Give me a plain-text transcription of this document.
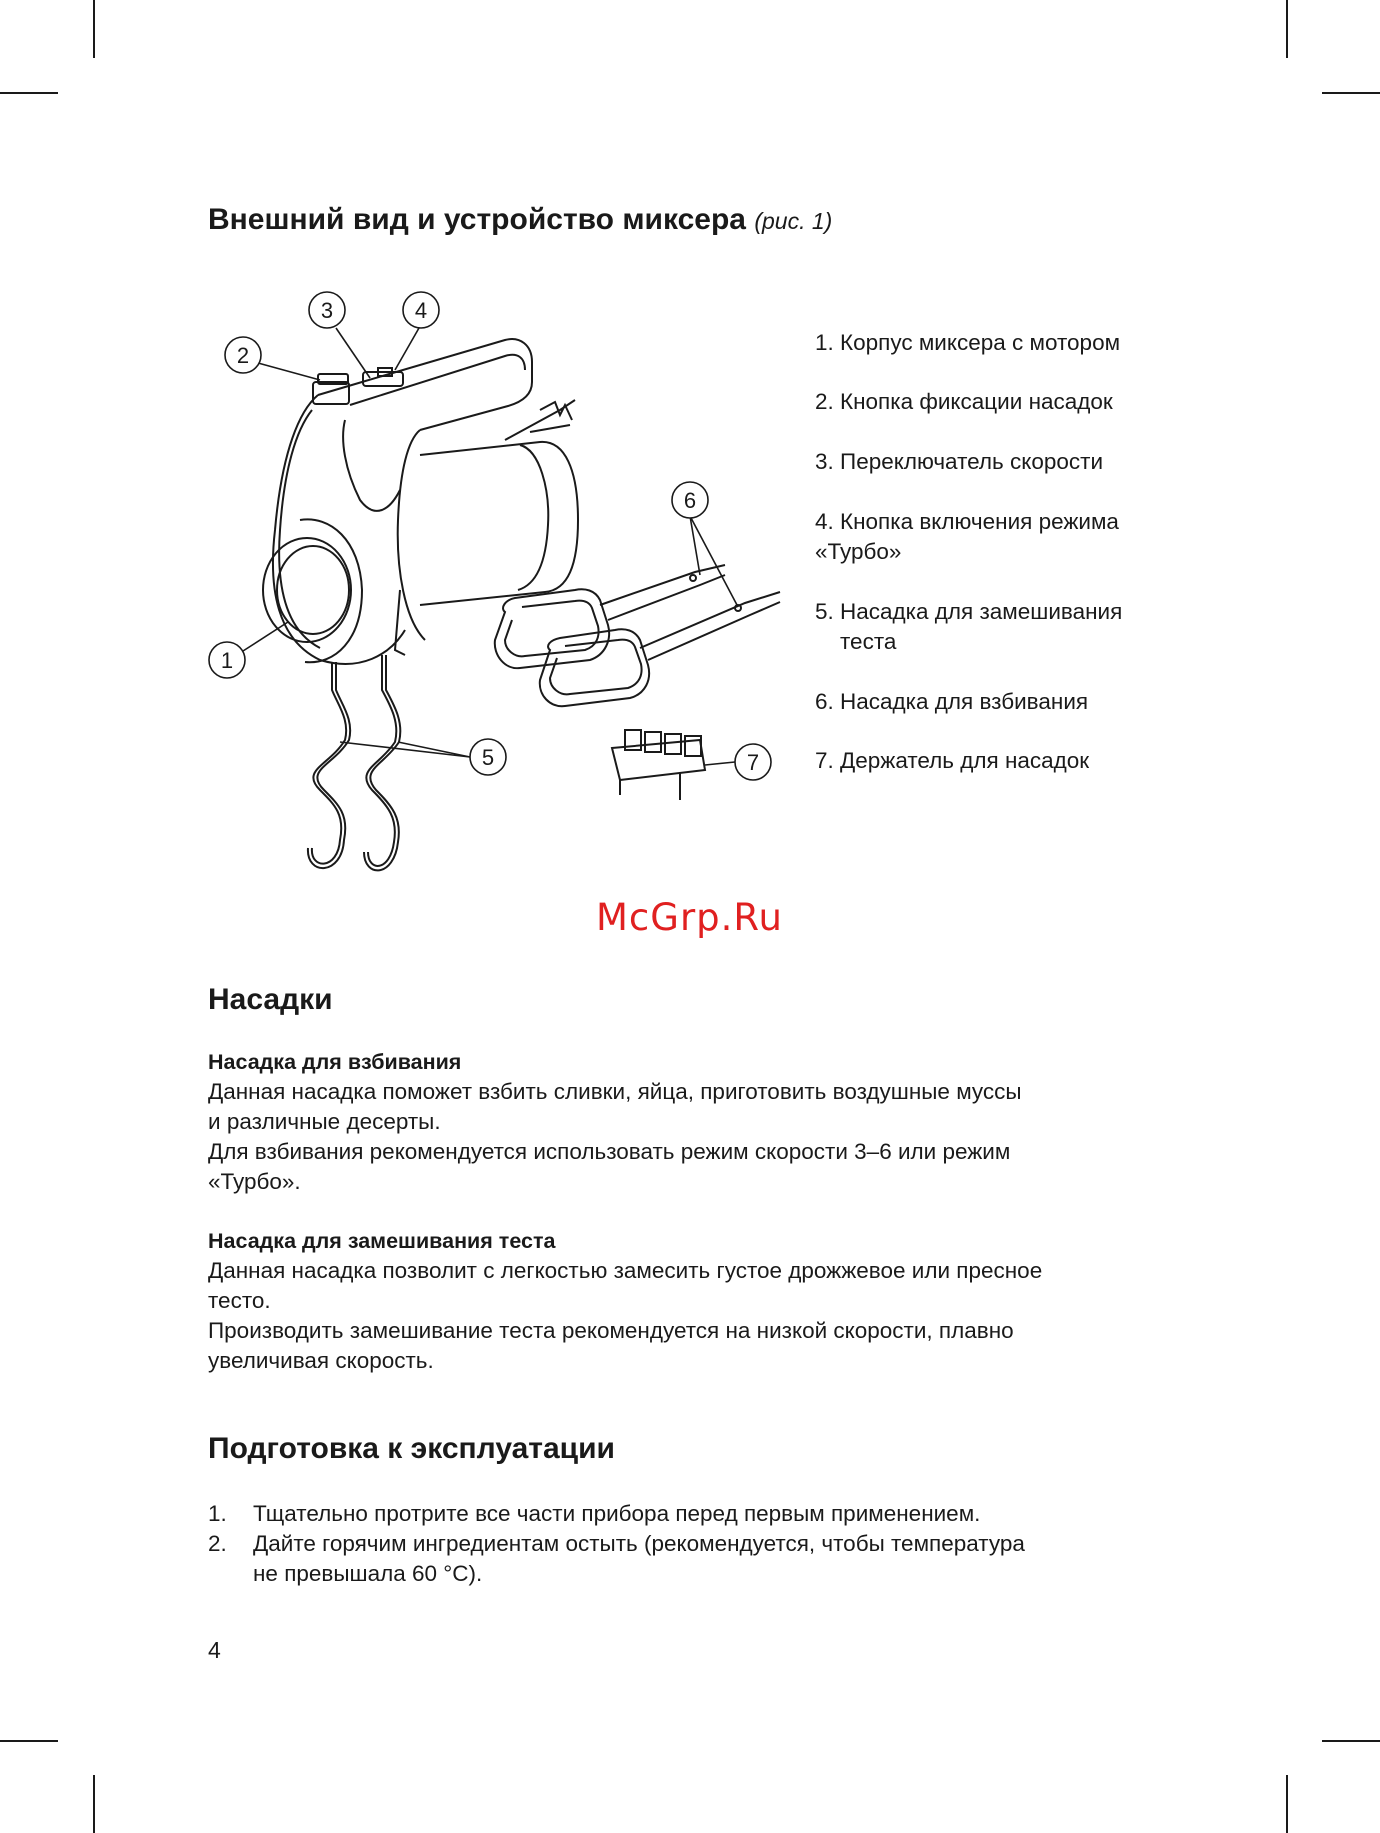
Внешний вид и устройство миксера (рис. 1)
1
2
3	4
5
6
7
1. Корпус миксера с мотором
2. Кнопка фиксации насадок
3. Переключатель скорости
4. Кнопка включения режима
«Турбо»
5. Насадка для замешивания
теста
6. Насадка для взбивания
7. Держатель для насадок
McGrp.Ru
Насадки
Насадка для взбивания
Данная насадка поможет взбить сливки, яйца, приготовить воздушные муссы
и различные десерты.
Для взбивания рекомендуется использовать режим скорости 3–6 или режим
«Турбо».
Насадка для замешивания теста
Данная насадка позволит с легкостью замесить густое дрожжевое или пресное
тесто.
Производить замешивание теста рекомендуется на низкой скорости, плавно
увеличивая скорость.
Подготовка к эксплуатации
1. Тщательно протрите все части прибора перед первым применением.
2. Дайте горячим ингредиентам остыть (рекомендуется, чтобы температура
не превышала 60 °C).
4
